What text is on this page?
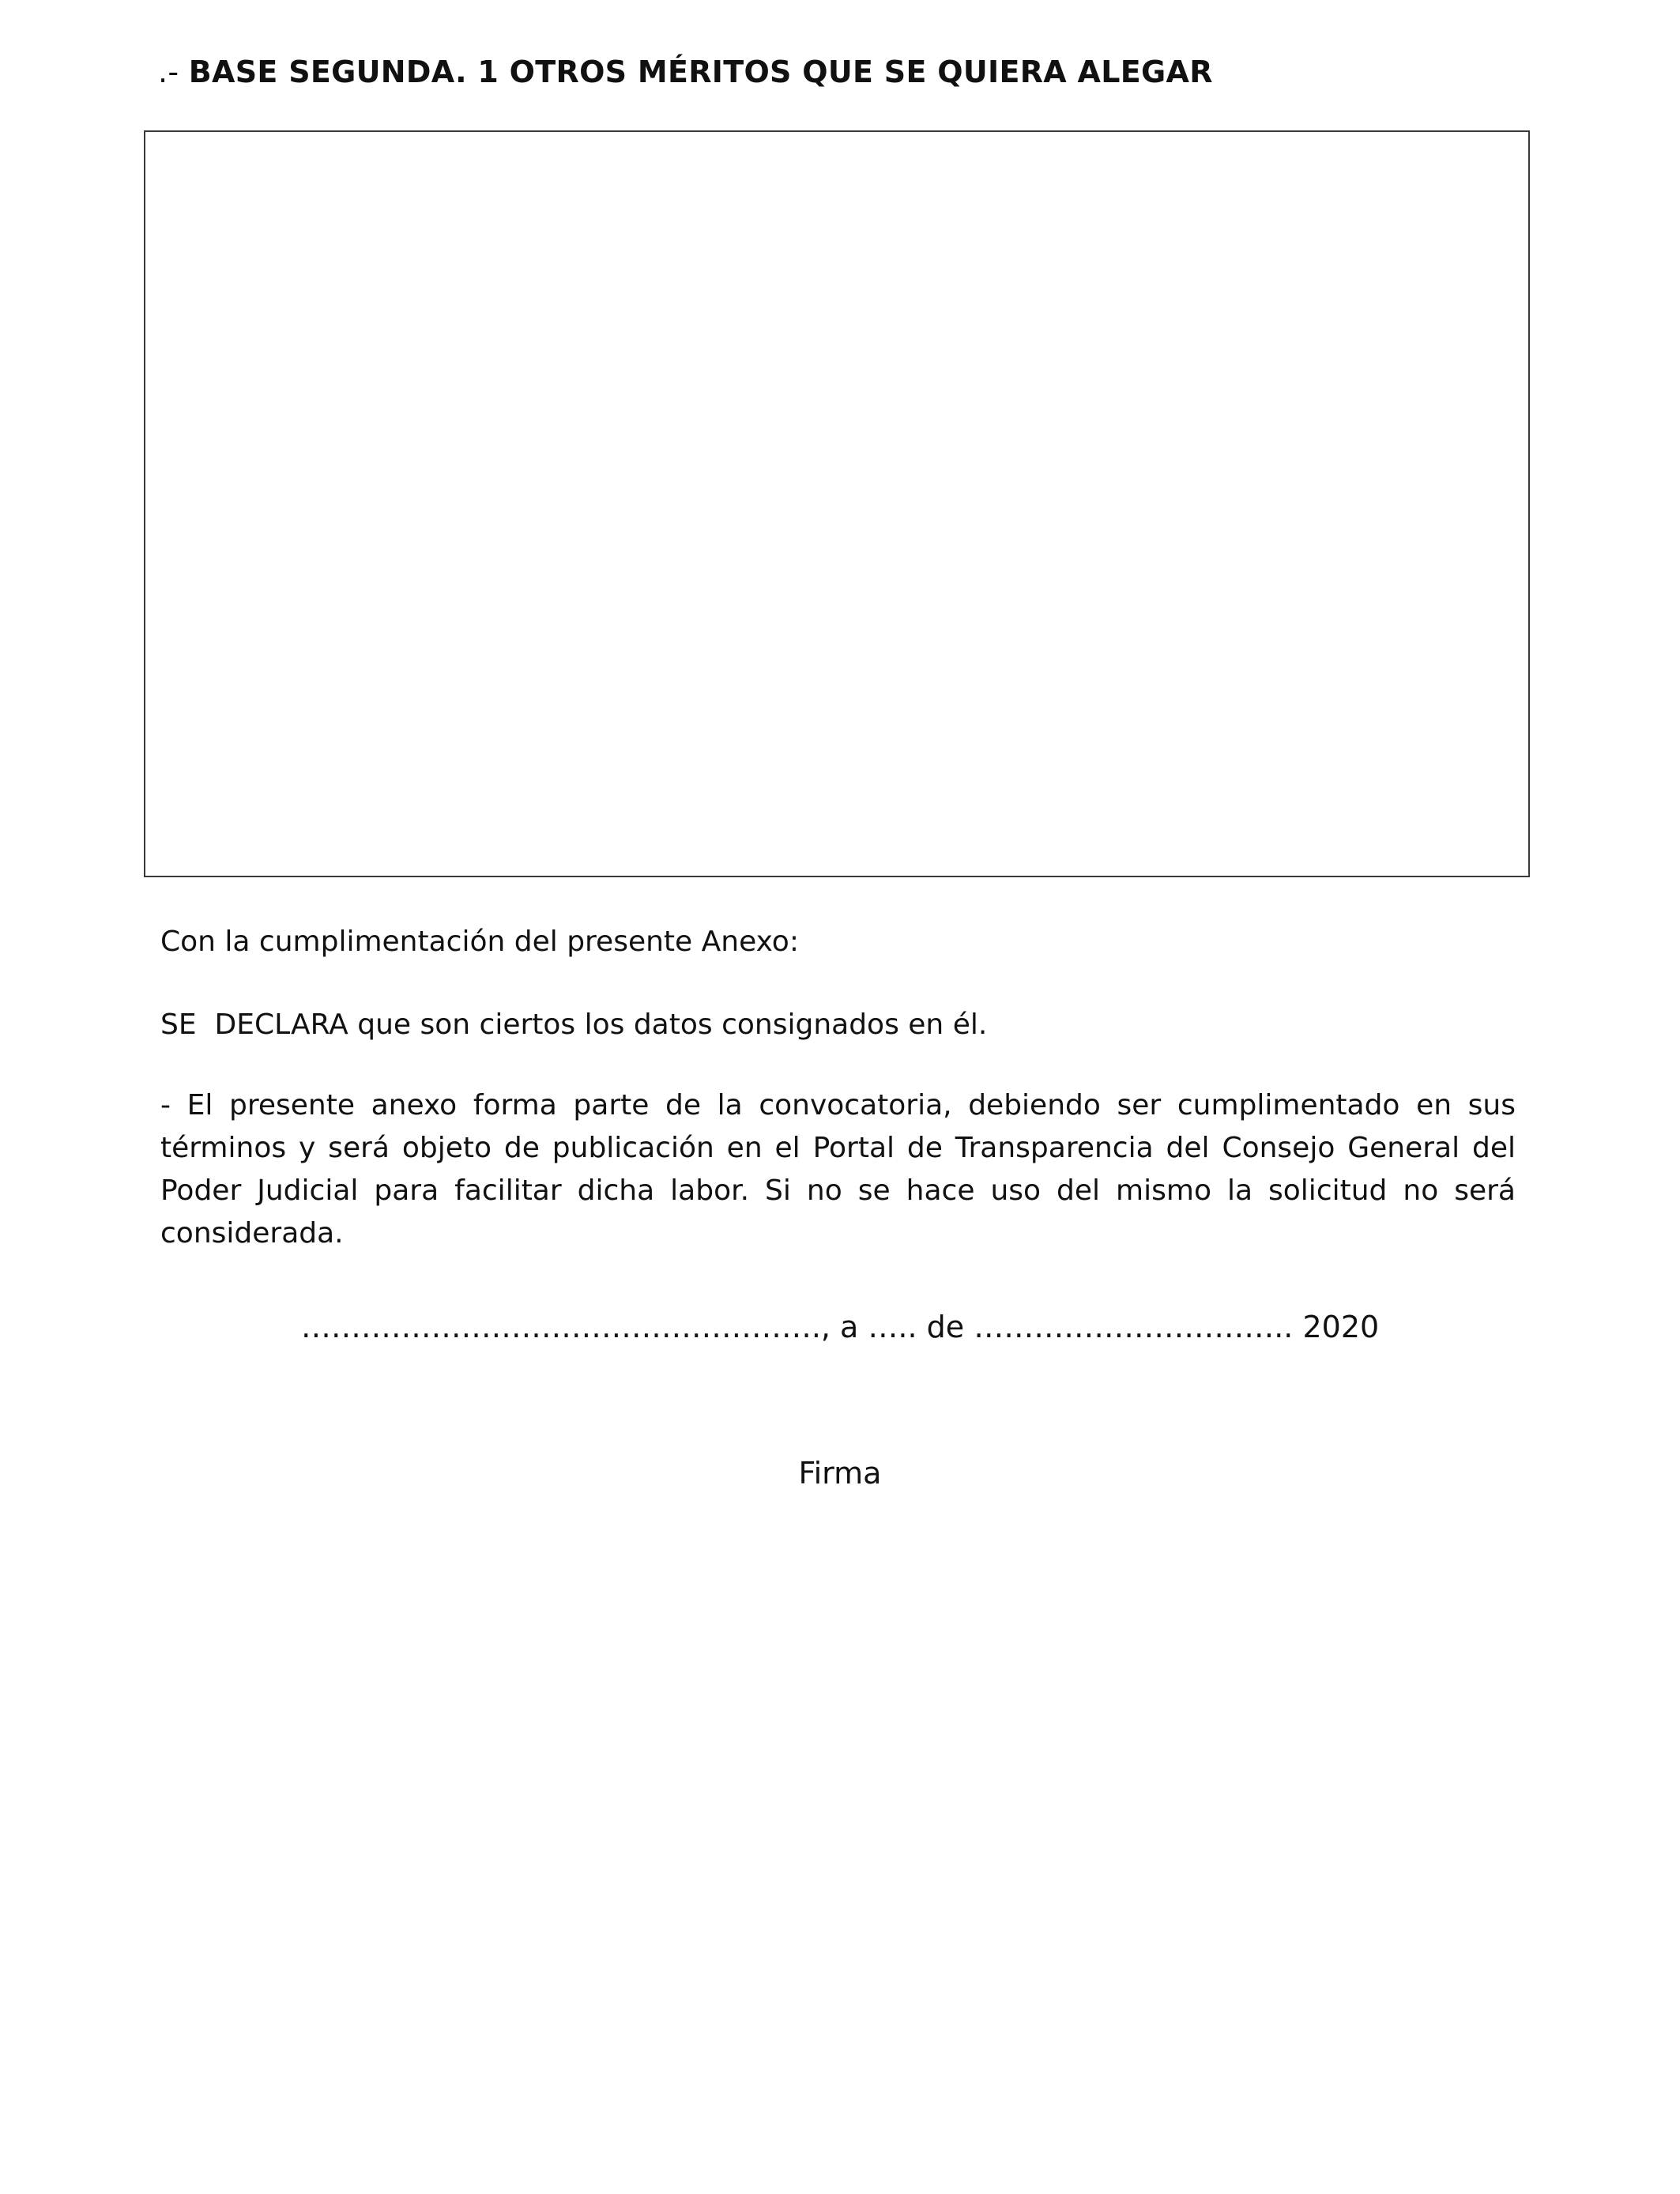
.- BASE SEGUNDA. 1 OTROS MÉRITOS QUE SE QUIERA ALEGAR

Con la cumplimentación del presente Anexo:

SE  DECLARA que son ciertos los datos consignados en él.

- El presente anexo forma parte de la convocatoria, debiendo ser cumplimentado en sus términos y será objeto de publicación en el Portal de Transparencia del Consejo General del Poder Judicial para facilitar dicha labor. Si no se hace uso del mismo la solicitud no será considerada.

……………………………………………., a ….. de ………………………….. 2020
Firma
